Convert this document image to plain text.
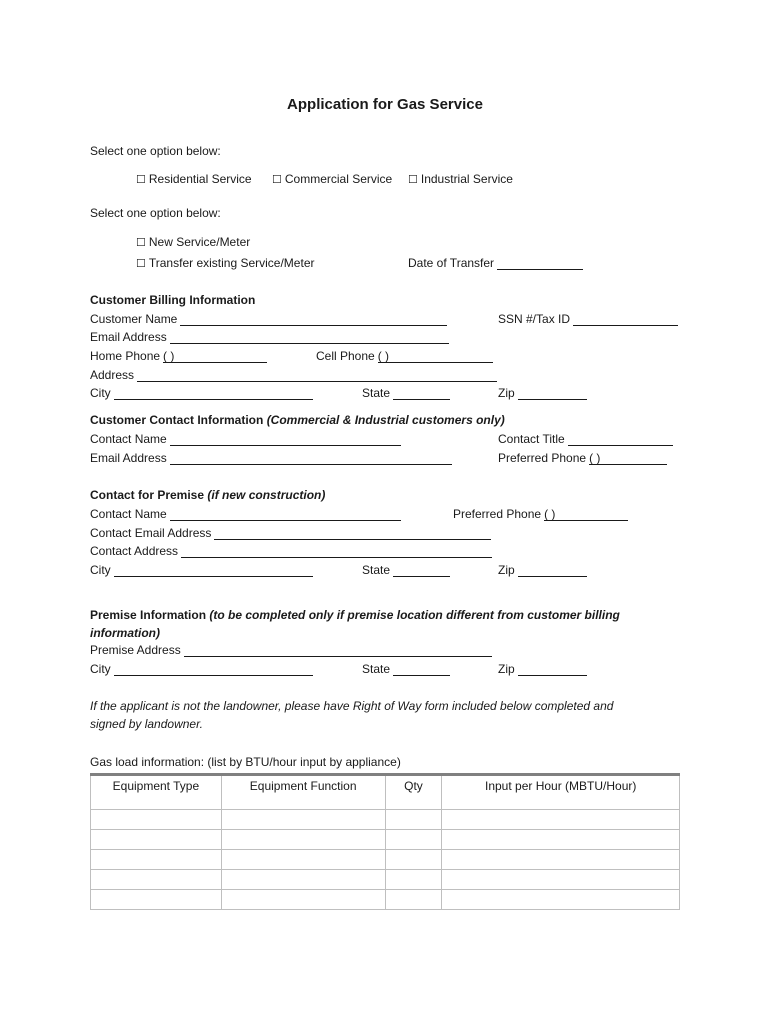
Application for Gas Service
Select one option below:
☐ Residential Service ☐ Commercial Service ☐ Industrial Service
Select one option below:
☐ New Service/Meter
☐ Transfer existing Service/Meter	Date of Transfer
Customer Billing Information
Customer Name	SSN #/Tax ID
Email Address
Home Phone ( )	Cell Phone ( )
Address
City	State	Zip
Customer Contact Information (Commercial & Industrial customers only)
Contact Name	Contact Title
Email Address	Preferred Phone ( )
Contact for Premise (if new construction)
Contact Name	Preferred Phone ( )
Contact Email Address
Contact Address
City	State	Zip
Premise Information (to be completed only if premise location different from customer billing
information)
Premise Address
City	State	Zip
If the applicant is not the landowner, please have Right of Way form included below completed and
signed by landowner.
Gas load information: (list by BTU/hour input by appliance)
Equipment Type	Equipment Function	Qty	Input per Hour (MBTU/Hour)
